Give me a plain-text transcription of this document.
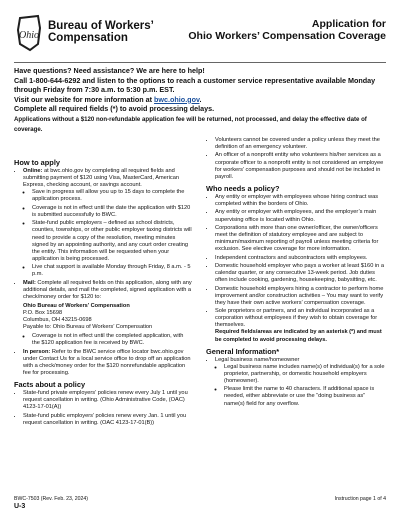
Ohio
Bureau of Workers’
Compensation
Application for
Ohio Workers’ Compensation Coverage
Have questions? Need assistance? We are here to help!
Call 1-800-644-6292 and listen to the options to reach a customer service representative available Monday through Friday from 7:30 a.m. to 5:30 p.m. EST.
Visit our website for more information at bwc.ohio.gov.
Complete all required fields (*) to avoid processing delays.
Applications without a $120 non-refundable application fee will be returned, not processed, and delay the effective date of coverage.
How to apply
• Online: at bwc.ohio.gov by completing all required fields and submitting payment of $120 using Visa, MasterCard, American Express, checking account, or savings account.
◦ Save in progress will allow you up to 15 days to complete the application process.
◦ Coverage is not in effect until the date the application with $120 is submitted successfully to BWC.
◦ State-fund public employers – defined as school districts, counties, townships, or other public employer taxing districts will need to provide a copy of the resolution, meeting minutes signed by an appointing authority, and any court order creating the entity. This information will be requested when your application is being processed.
◦ Live chat support is available Monday through Friday, 8 a.m. - 5 p.m.
• Mail: Complete all required fields on this application, along with any additional details, and mail the completed, signed application with a check/money order for $120 to:
Ohio Bureau of Workers’ Compensation
P.O. Box 15698
Columbus, OH 43215-0698
Payable to: Ohio Bureau of Workers’ Compensation
◦ Coverage is not in effect until the completed application, with the $120 application fee is received by BWC.
• In person: Refer to the BWC service office locator bwc.ohio.gov under Contact Us for a local service office to drop off an application with a check/money order for the $120 nonrefundable application fee for processing.
Facts about a policy
• State-fund private employers’ policies renew every July 1 until you request cancellation in writing. (Ohio Administrative Code, (OAC) 4123-17-01(A))
• State-fund public employers’ policies renew every Jan. 1 until you request cancellation in writing. (OAC 4123-17-01(B))
• Volunteers cannot be covered under a policy unless they meet the definition of an emergency volunteer.
• An officer of a nonprofit entity who volunteers his/her services as a corporate officer to a nonprofit entity is not considered an employee for workers’ compensation purposes and should not be included in payroll.
Who needs a policy?
• Any entity or employer with employees whose hiring contract was completed within the borders of Ohio.
• Any entity or employer with employees, and the employer’s main supervising office is located within Ohio.
• Corporations with more than one owner/officer, the owner/officers meet the definition of statutory employee and are subject to minimum/maximum reporting of payroll unless meeting criteria for exclusion. See elective coverage for more information.
• Independent contractors and subcontractors with employees.
• Domestic household employer who pays a worker at least $160 in a calendar quarter, or any consecutive 13-week period. Job duties often include cooking, gardening, housekeeping, babysitting, etc.
• Domestic household employers hiring a contractor to perform home improvement and/or construction activities – You may want to verify they have their own active workers’ compensation coverage.
• Sole proprietors or partners, and an individual incorporated as a corporation without employees if they wish to obtain coverage for themselves.
Required fields/areas are indicated by an asterisk (*) and must be completed to avoid processing delays.
General Information*
• Legal business name/homeowner
◦ Legal business name includes name(s) of individual(s) for a sole proprietor, partnership, or domestic household employers (homeowner).
◦ Please limit the name to 40 characters. If additional space is needed, either abbreviate or use the “doing business as” name(s) field for any overflow.
BWC-7503 (Rev. Feb. 23, 2024)
U-3
Instruction page 1 of 4
